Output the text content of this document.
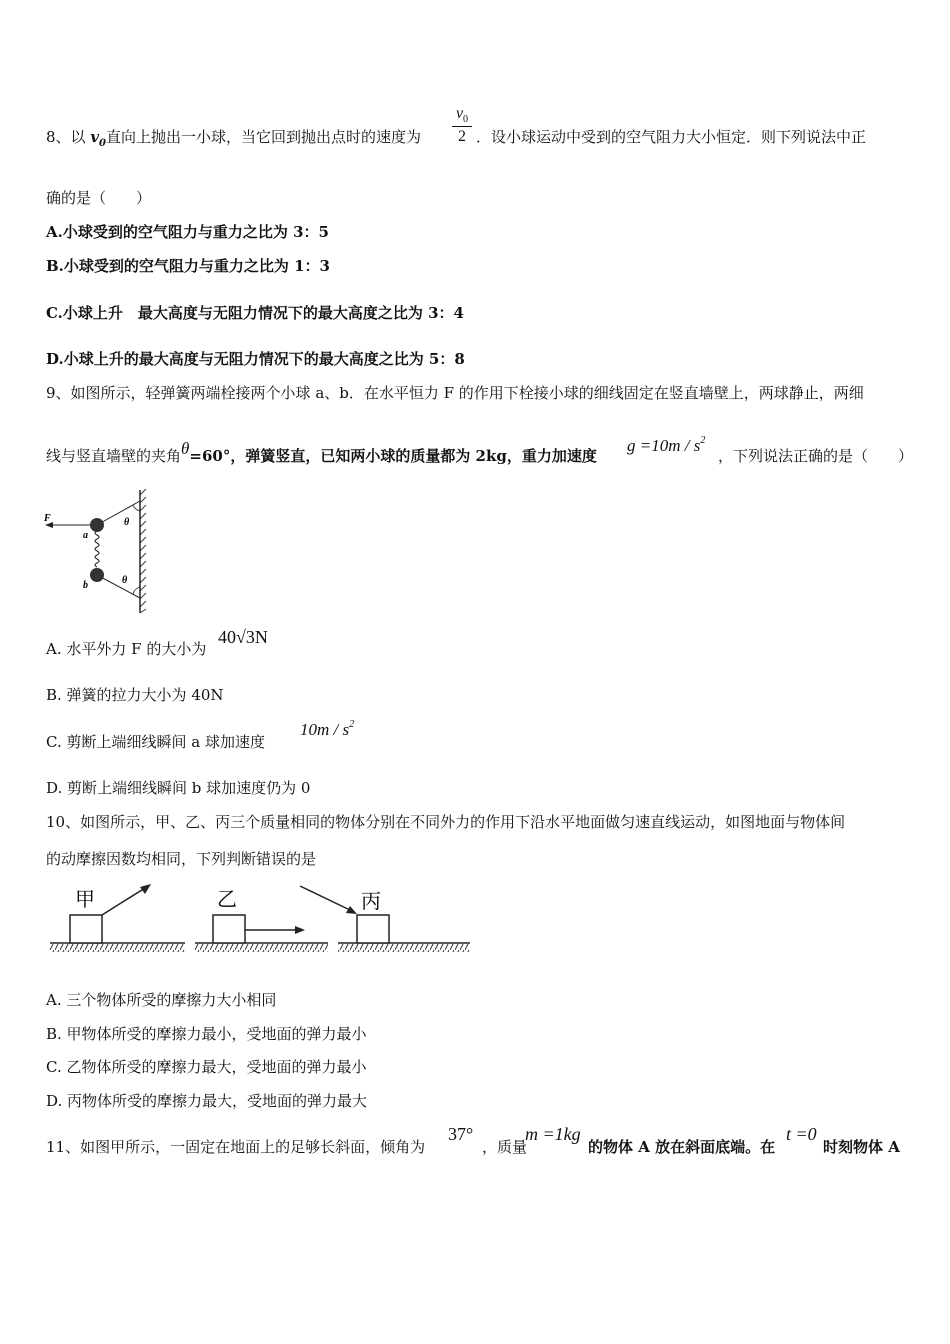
8、以 $v_0$直向上抛出一小球，当它回到抛出点时的速度为
$v_0$
2 ．设小球运动中受到的空气阻力大小恒定．则下列说法中正
确的是（　　）
A.小球受到的空气阻力与重力之比为 3：5
B.小球受到的空气阻力与重力之比为 1：3
C.小球上升　最大高度与无阻力情况下的最大高度之比为 3：4
D.小球上升的最大高度与无阻力情况下的最大高度之比为 5：8
9、如图所示，轻弹簧两端栓接两个小球 a、b．在水平恒力 F 的作用下栓接小球的细线固定在竖直墙壁上，两球静止，两细
线与竖直墙壁的夹角θ=60°，弹簧竖直，已知两小球的质量都为 2kg，重力加速度
$g =10m / s^2$
，下列说法正确的是（　　）
F
a
b
θ
θ
A. 水平外力 F 的大小为
40√3N
B. 弹簧的拉力大小为 40N
C. 剪断上端细线瞬间 a 球加速度
$10m / s^2$
D. 剪断上端细线瞬间 b 球加速度仍为 0
10、如图所示，甲、乙、丙三个质量相同的物体分别在不同外力的作用下沿水平地面做匀速直线运动，如图地面与物体间
的动摩擦因数均相同，下列判断错误的是
甲	乙	丙
A. 三个物体所受的摩擦力大小相同
B. 甲物体所受的摩擦力最小，受地面的弹力最小
C. 乙物体所受的摩擦力最大，受地面的弹力最小
D. 丙物体所受的摩擦力最大，受地面的弹力最大
11、如图甲所示，一固定在地面上的足够长斜面，倾角为
37°
，质量
m =1kg
的物体 A 放在斜面底端。在
t =0
时刻物体 A
